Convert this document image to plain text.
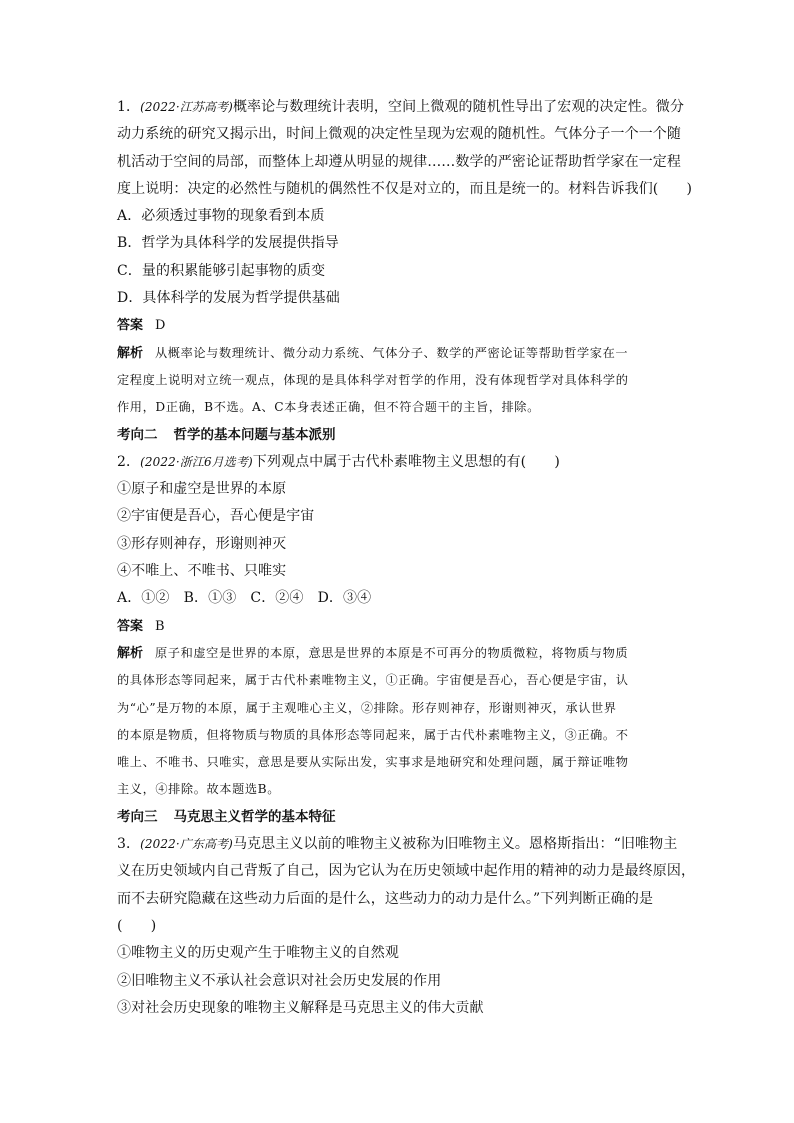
1．(2022·江苏高考)概率论与数理统计表明，空间上微观的随机性导出了宏观的决定性。微分
动力系统的研究又揭示出，时间上微观的决定性呈现为宏观的随机性。气体分子一个一个随
机活动于空间的局部，而整体上却遵从明显的规律……数学的严密论证帮助哲学家在一定程
度上说明：决定的必然性与随机的偶然性不仅是对立的，而且是统一的。材料告诉我们(　　)
A．必须透过事物的现象看到本质
B．哲学为具体科学的发展提供指导
C．量的积累能够引起事物的质变
D．具体科学的发展为哲学提供基础
答案 D
解析 从概率论与数理统计、微分动力系统、气体分子、数学的严密论证等帮助哲学家在一
定程度上说明对立统一观点，体现的是具体科学对哲学的作用，没有体现哲学对具体科学的
作用，D正确，B不选。A、C本身表述正确，但不符合题干的主旨，排除。
考向二 哲学的基本问题与基本派别
2．(2022·浙江6月选考)下列观点中属于古代朴素唯物主义思想的有(　　)
①原子和虚空是世界的本原
②宇宙便是吾心，吾心便是宇宙
③形存则神存，形谢则神灭
④不唯上、不唯书、只唯实
A．①②　B．①③　C．②④　D．③④
答案 B
解析 原子和虚空是世界的本原，意思是世界的本原是不可再分的物质微粒，将物质与物质
的具体形态等同起来，属于古代朴素唯物主义，①正确。宇宙便是吾心，吾心便是宇宙，认
为“心”是万物的本原，属于主观唯心主义，②排除。形存则神存，形谢则神灭，承认世界
的本原是物质，但将物质与物质的具体形态等同起来，属于古代朴素唯物主义，③正确。不
唯上、不唯书、只唯实，意思是要从实际出发，实事求是地研究和处理问题，属于辩证唯物
主义，④排除。故本题选B。
考向三 马克思主义哲学的基本特征
3．(2022·广东高考)马克思主义以前的唯物主义被称为旧唯物主义。恩格斯指出：“旧唯物主
义在历史领域内自己背叛了自己，因为它认为在历史领域中起作用的精神的动力是最终原因，
而不去研究隐藏在这些动力后面的是什么，这些动力的动力是什么。”下列判断正确的是
(　　)
①唯物主义的历史观产生于唯物主义的自然观
②旧唯物主义不承认社会意识对社会历史发展的作用
③对社会历史现象的唯物主义解释是马克思主义的伟大贡献
